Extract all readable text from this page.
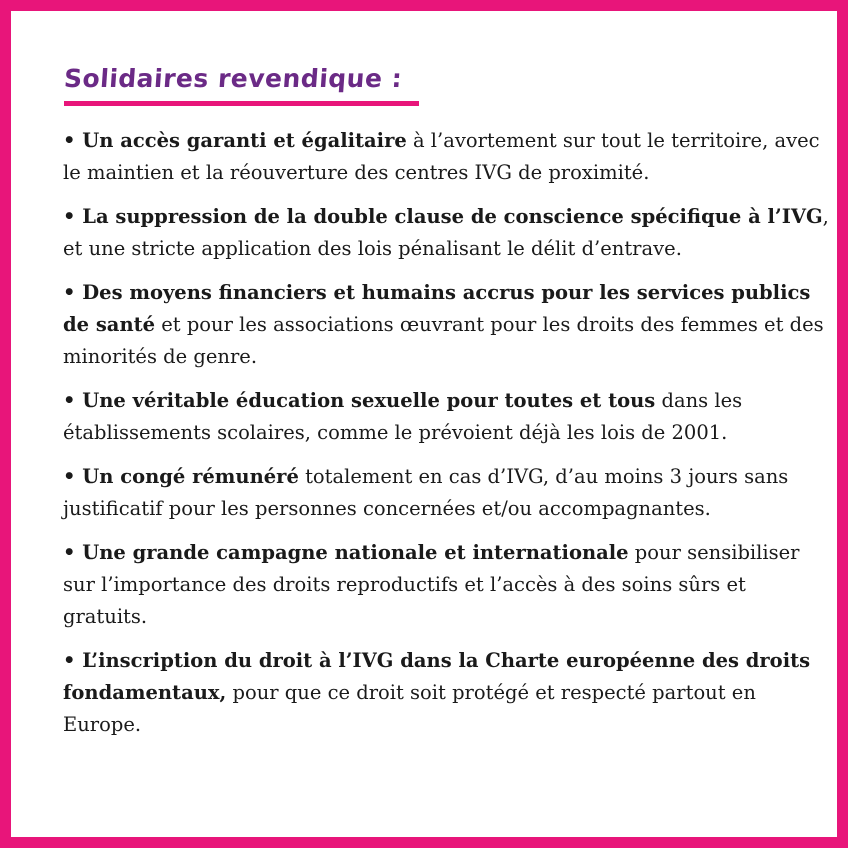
Solidaires revendique :

• Un accès garanti et égalitaire à l’avortement sur tout le territoire, avec le maintien et la réouverture des centres IVG de proximité.

• La suppression de la double clause de conscience spécifique à l’IVG, et une stricte application des lois pénalisant le délit d’entrave.

• Des moyens financiers et humains accrus pour les services publics de santé et pour les associations œuvrant pour les droits des femmes et des minorités de genre.

• Une véritable éducation sexuelle pour toutes et tous dans les établissements scolaires, comme le prévoient déjà les lois de 2001.

• Un congé rémunéré totalement en cas d’IVG, d’au moins 3 jours sans justificatif pour les personnes concernées et/ou accompagnantes.

• Une grande campagne nationale et internationale pour sensibiliser sur l’importance des droits reproductifs et l’accès à des soins sûrs et gratuits.

• L’inscription du droit à l’IVG dans la Charte européenne des droits fondamentaux, pour que ce droit soit protégé et respecté partout en Europe.
